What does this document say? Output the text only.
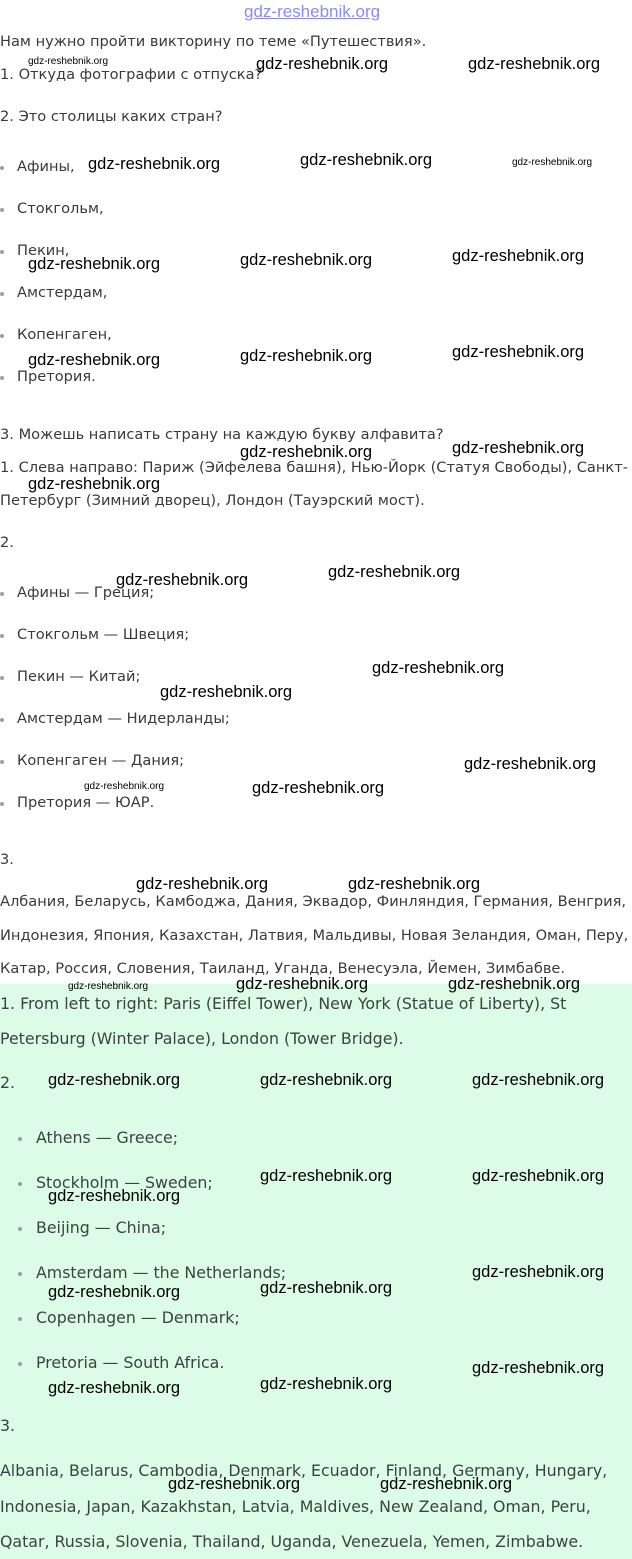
Нам нужно пройти викторину по теме «Путешествия».
1. Откуда фотографии с отпуска?
2. Это столицы каких стран?
Афины,
Стокгольм,
Пекин,
Амстердам,
Копенгаген,
Претория.
3. Можешь написать страну на каждую букву алфавита?
1. Слева направо: Париж (Эйфелева башня), Нью-Йорк (Статуя Свободы), Санкт-
Петербург (Зимний дворец), Лондон (Тауэрский мост).
2.
Афины — Греция;
Стокгольм — Швеция;
Пекин — Китай;
Амстердам — Нидерланды;
Копенгаген — Дания;
Претория — ЮАР.
3.
Албания, Беларусь, Камбоджа, Дания, Эквадор, Финляндия, Германия, Венгрия,
Индонезия, Япония, Казахстан, Латвия, Мальдивы, Новая Зеландия, Оман, Перу,
Катар, Россия, Словения, Таиланд, Уганда, Венесуэла, Йемен, Зимбабве.
1. From left to right: Paris (Eiffel Tower), New York (Statue of Liberty), St
Petersburg (Winter Palace), London (Tower Bridge).
2.
Athens — Greece;
Stockholm — Sweden;
Beijing — China;
Amsterdam — the Netherlands;
Copenhagen — Denmark;
Pretoria — South Africa.
3.
Albania, Belarus, Cambodia, Denmark, Ecuador, Finland, Germany, Hungary,
Indonesia, Japan, Kazakhstan, Latvia, Maldives, New Zealand, Oman, Peru,
Qatar, Russia, Slovenia, Thailand, Uganda, Venezuela, Yemen, Zimbabwe.
gdz-reshebnik.org
gdz-reshebnik.org	gdz-reshebnik.org	gdz-reshebnik.org
gdz-reshebnik.org	gdz-reshebnik.org	gdz-reshebnik.org
gdz-reshebnik.org	gdz-reshebnik.org	gdz-reshebnik.org
gdz-reshebnik.org	gdz-reshebnik.org	gdz-reshebnik.org
gdz-reshebnik.org	gdz-reshebnik.org
gdz-reshebnik.org
gdz-reshebnik.org	gdz-reshebnik.org
gdz-reshebnik.org
gdz-reshebnik.org
gdz-reshebnik.org
gdz-reshebnik.org	gdz-reshebnik.org
gdz-reshebnik.org	gdz-reshebnik.org
gdz-reshebnik.org	gdz-reshebnik.org	gdz-reshebnik.org
gdz-reshebnik.org	gdz-reshebnik.org	gdz-reshebnik.org
gdz-reshebnik.org	gdz-reshebnik.org
gdz-reshebnik.org
gdz-reshebnik.org
gdz-reshebnik.org	gdz-reshebnik.org
gdz-reshebnik.org
gdz-reshebnik.org	gdz-reshebnik.org
gdz-reshebnik.org	gdz-reshebnik.org
